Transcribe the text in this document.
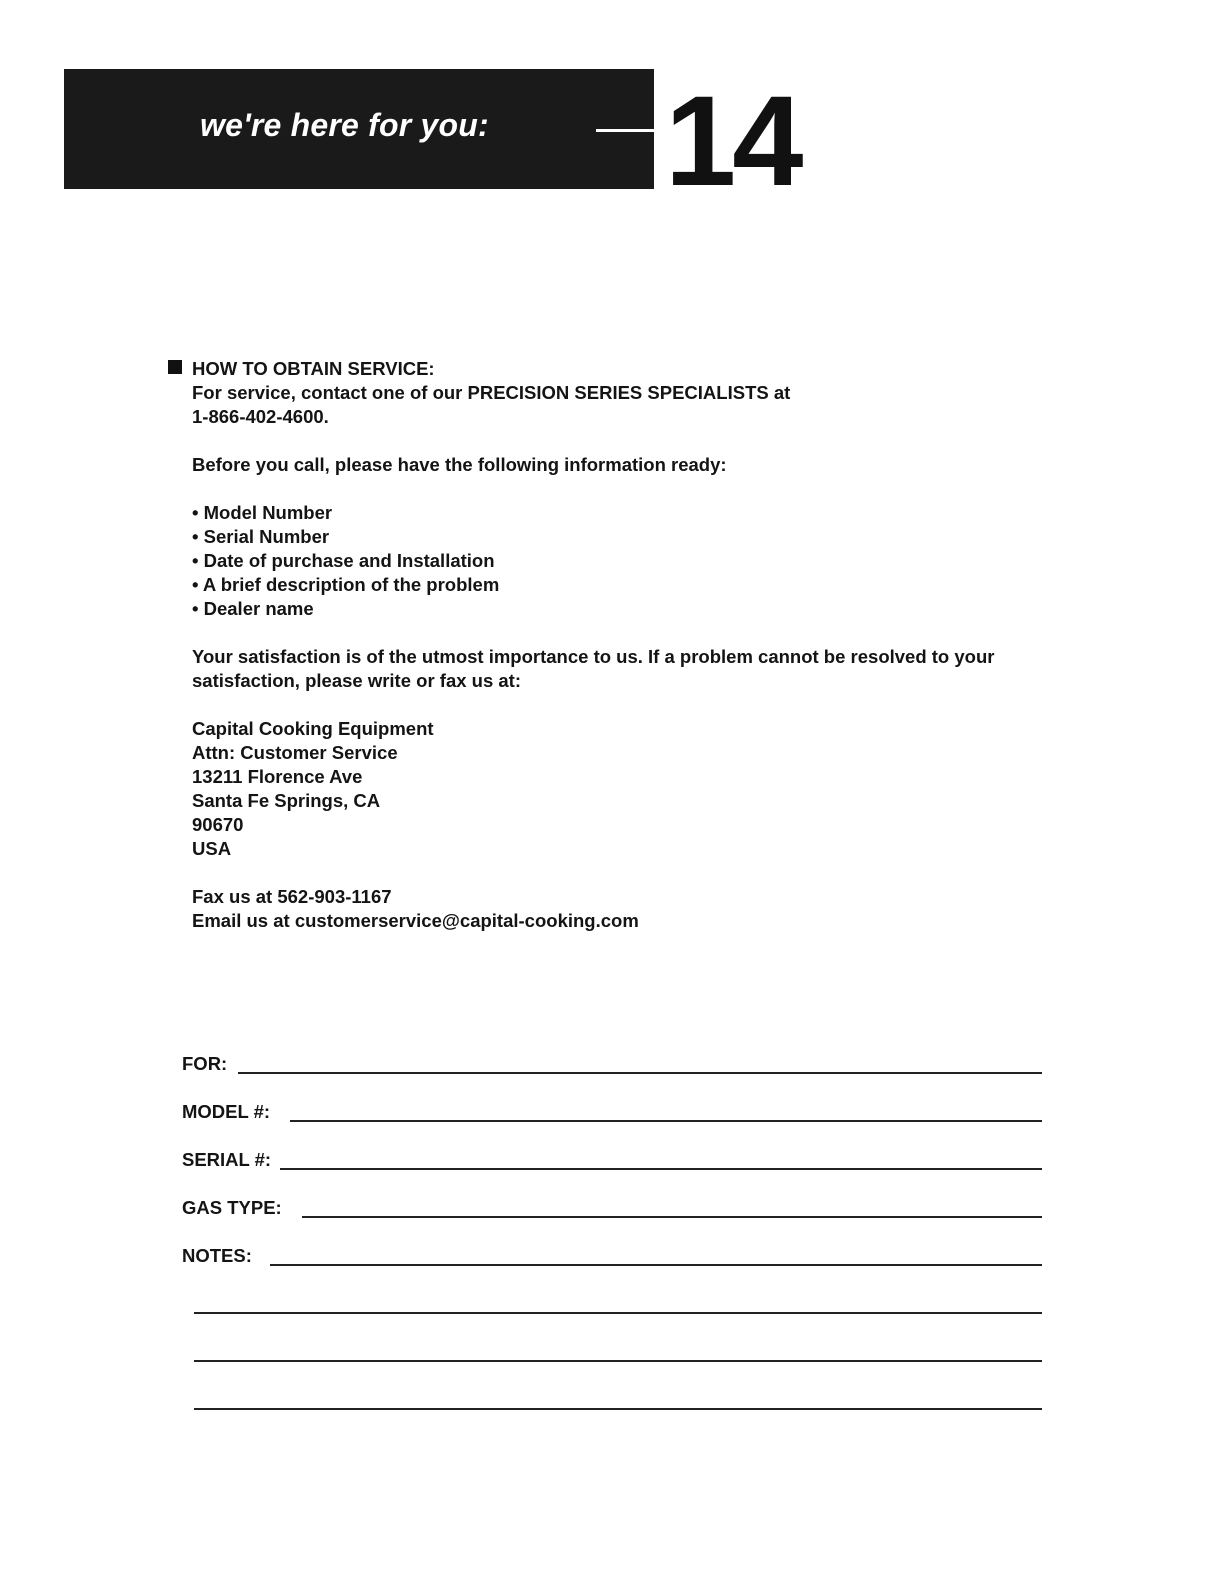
we're here for you: 14

HOW TO OBTAIN SERVICE:

For service, contact one of our PRECISION SERIES SPECIALISTS at

1-866-402-4600.

Before you call, please have the following information ready:

• Model Number

• Serial Number

• Date of purchase and Installation

• A brief description of the problem

• Dealer name

Your satisfaction is of the utmost importance to us. If a problem cannot be resolved to your

satisfaction, please write or fax us at:

Capital Cooking Equipment

Attn: Customer Service

13211 Florence Ave

Santa Fe Springs, CA

90670

USA

Fax us at 562-903-1167

Email us at customerservice@capital-cooking.com

FOR:
MODEL #:
SERIAL #:
GAS TYPE:
NOTES:
